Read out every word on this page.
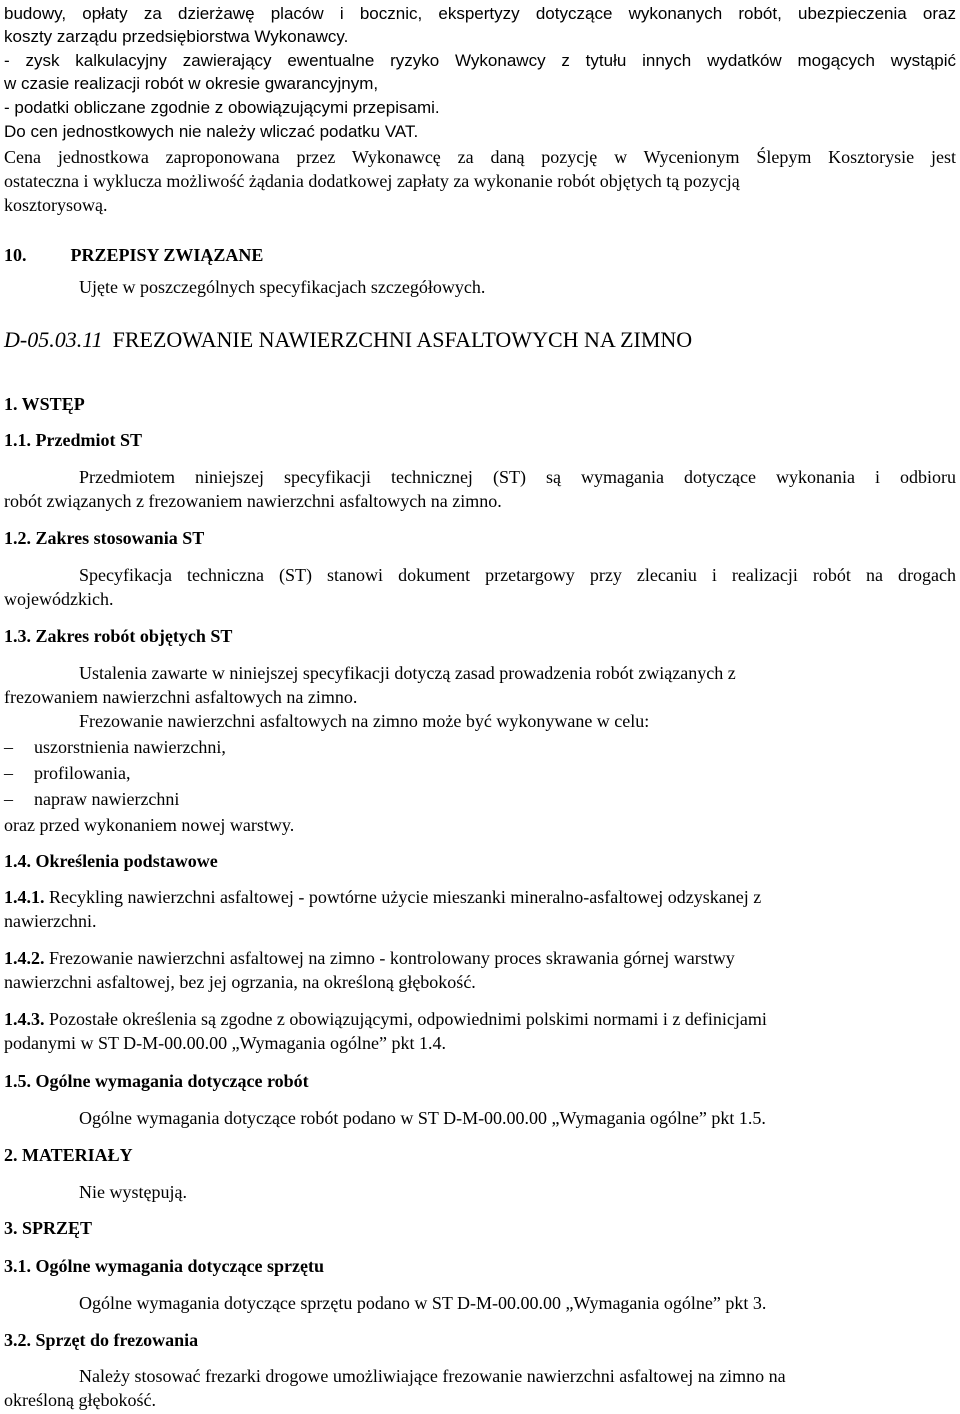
budowy, opłaty za dzierżawę placów i bocznic, ekspertyzy dotyczące wykonanych robót, ubezpieczenia oraz
koszty zarządu przedsiębiorstwa Wykonawcy.
- zysk kalkulacyjny zawierający ewentualne ryzyko Wykonawcy z tytułu innych wydatków mogących wystąpić
w czasie realizacji robót w okresie gwarancyjnym,
- podatki obliczane zgodnie z obowiązującymi przepisami.
Do cen jednostkowych nie należy wliczać podatku VAT.
Cena jednostkowa zaproponowana przez Wykonawcę za daną pozycję w Wycenionym Ślepym Kosztorysie jest
ostateczna i wyklucza możliwość żądania dodatkowej zapłaty za wykonanie robót objętych tą pozycją
kosztorysową.
10. PRZEPISY ZWIĄZANE
Ujęte w poszczególnych specyfikacjach szczegółowych.
D-05.03.11 FREZOWANIE NAWIERZCHNI ASFALTOWYCH NA ZIMNO
1. WSTĘP
1.1. Przedmiot ST
Przedmiotem niniejszej specyfikacji technicznej (ST) są wymagania dotyczące wykonania i odbioru
robót związanych z frezowaniem nawierzchni asfaltowych na zimno.
1.2. Zakres stosowania ST
Specyfikacja techniczna (ST) stanowi dokument przetargowy przy zlecaniu i realizacji robót na drogach
wojewódzkich.
1.3. Zakres robót objętych ST
Ustalenia zawarte w niniejszej specyfikacji dotyczą zasad prowadzenia robót związanych z
frezowaniem nawierzchni asfaltowych na zimno.
Frezowanie nawierzchni asfaltowych na zimno może być wykonywane w celu:
– uszorstnienia nawierzchni,
– profilowania,
– napraw nawierzchni
oraz przed wykonaniem nowej warstwy.
1.4. Określenia podstawowe
1.4.1. Recykling nawierzchni asfaltowej - powtórne użycie mieszanki mineralno-asfaltowej odzyskanej z
nawierzchni.
1.4.2. Frezowanie nawierzchni asfaltowej na zimno - kontrolowany proces skrawania górnej warstwy
nawierzchni asfaltowej, bez jej ogrzania, na określoną głębokość.
1.4.3. Pozostałe określenia są zgodne z obowiązującymi, odpowiednimi polskimi normami i z definicjami
podanymi w ST D-M-00.00.00 „Wymagania ogólne” pkt 1.4.
1.5. Ogólne wymagania dotyczące robót
Ogólne wymagania dotyczące robót podano w ST D-M-00.00.00 „Wymagania ogólne” pkt 1.5.
2. MATERIAŁY
Nie występują.
3. SPRZĘT
3.1. Ogólne wymagania dotyczące sprzętu
Ogólne wymagania dotyczące sprzętu podano w ST D-M-00.00.00 „Wymagania ogólne” pkt 3.
3.2. Sprzęt do frezowania
Należy stosować frezarki drogowe umożliwiające frezowanie nawierzchni asfaltowej na zimno na
określoną głębokość.
